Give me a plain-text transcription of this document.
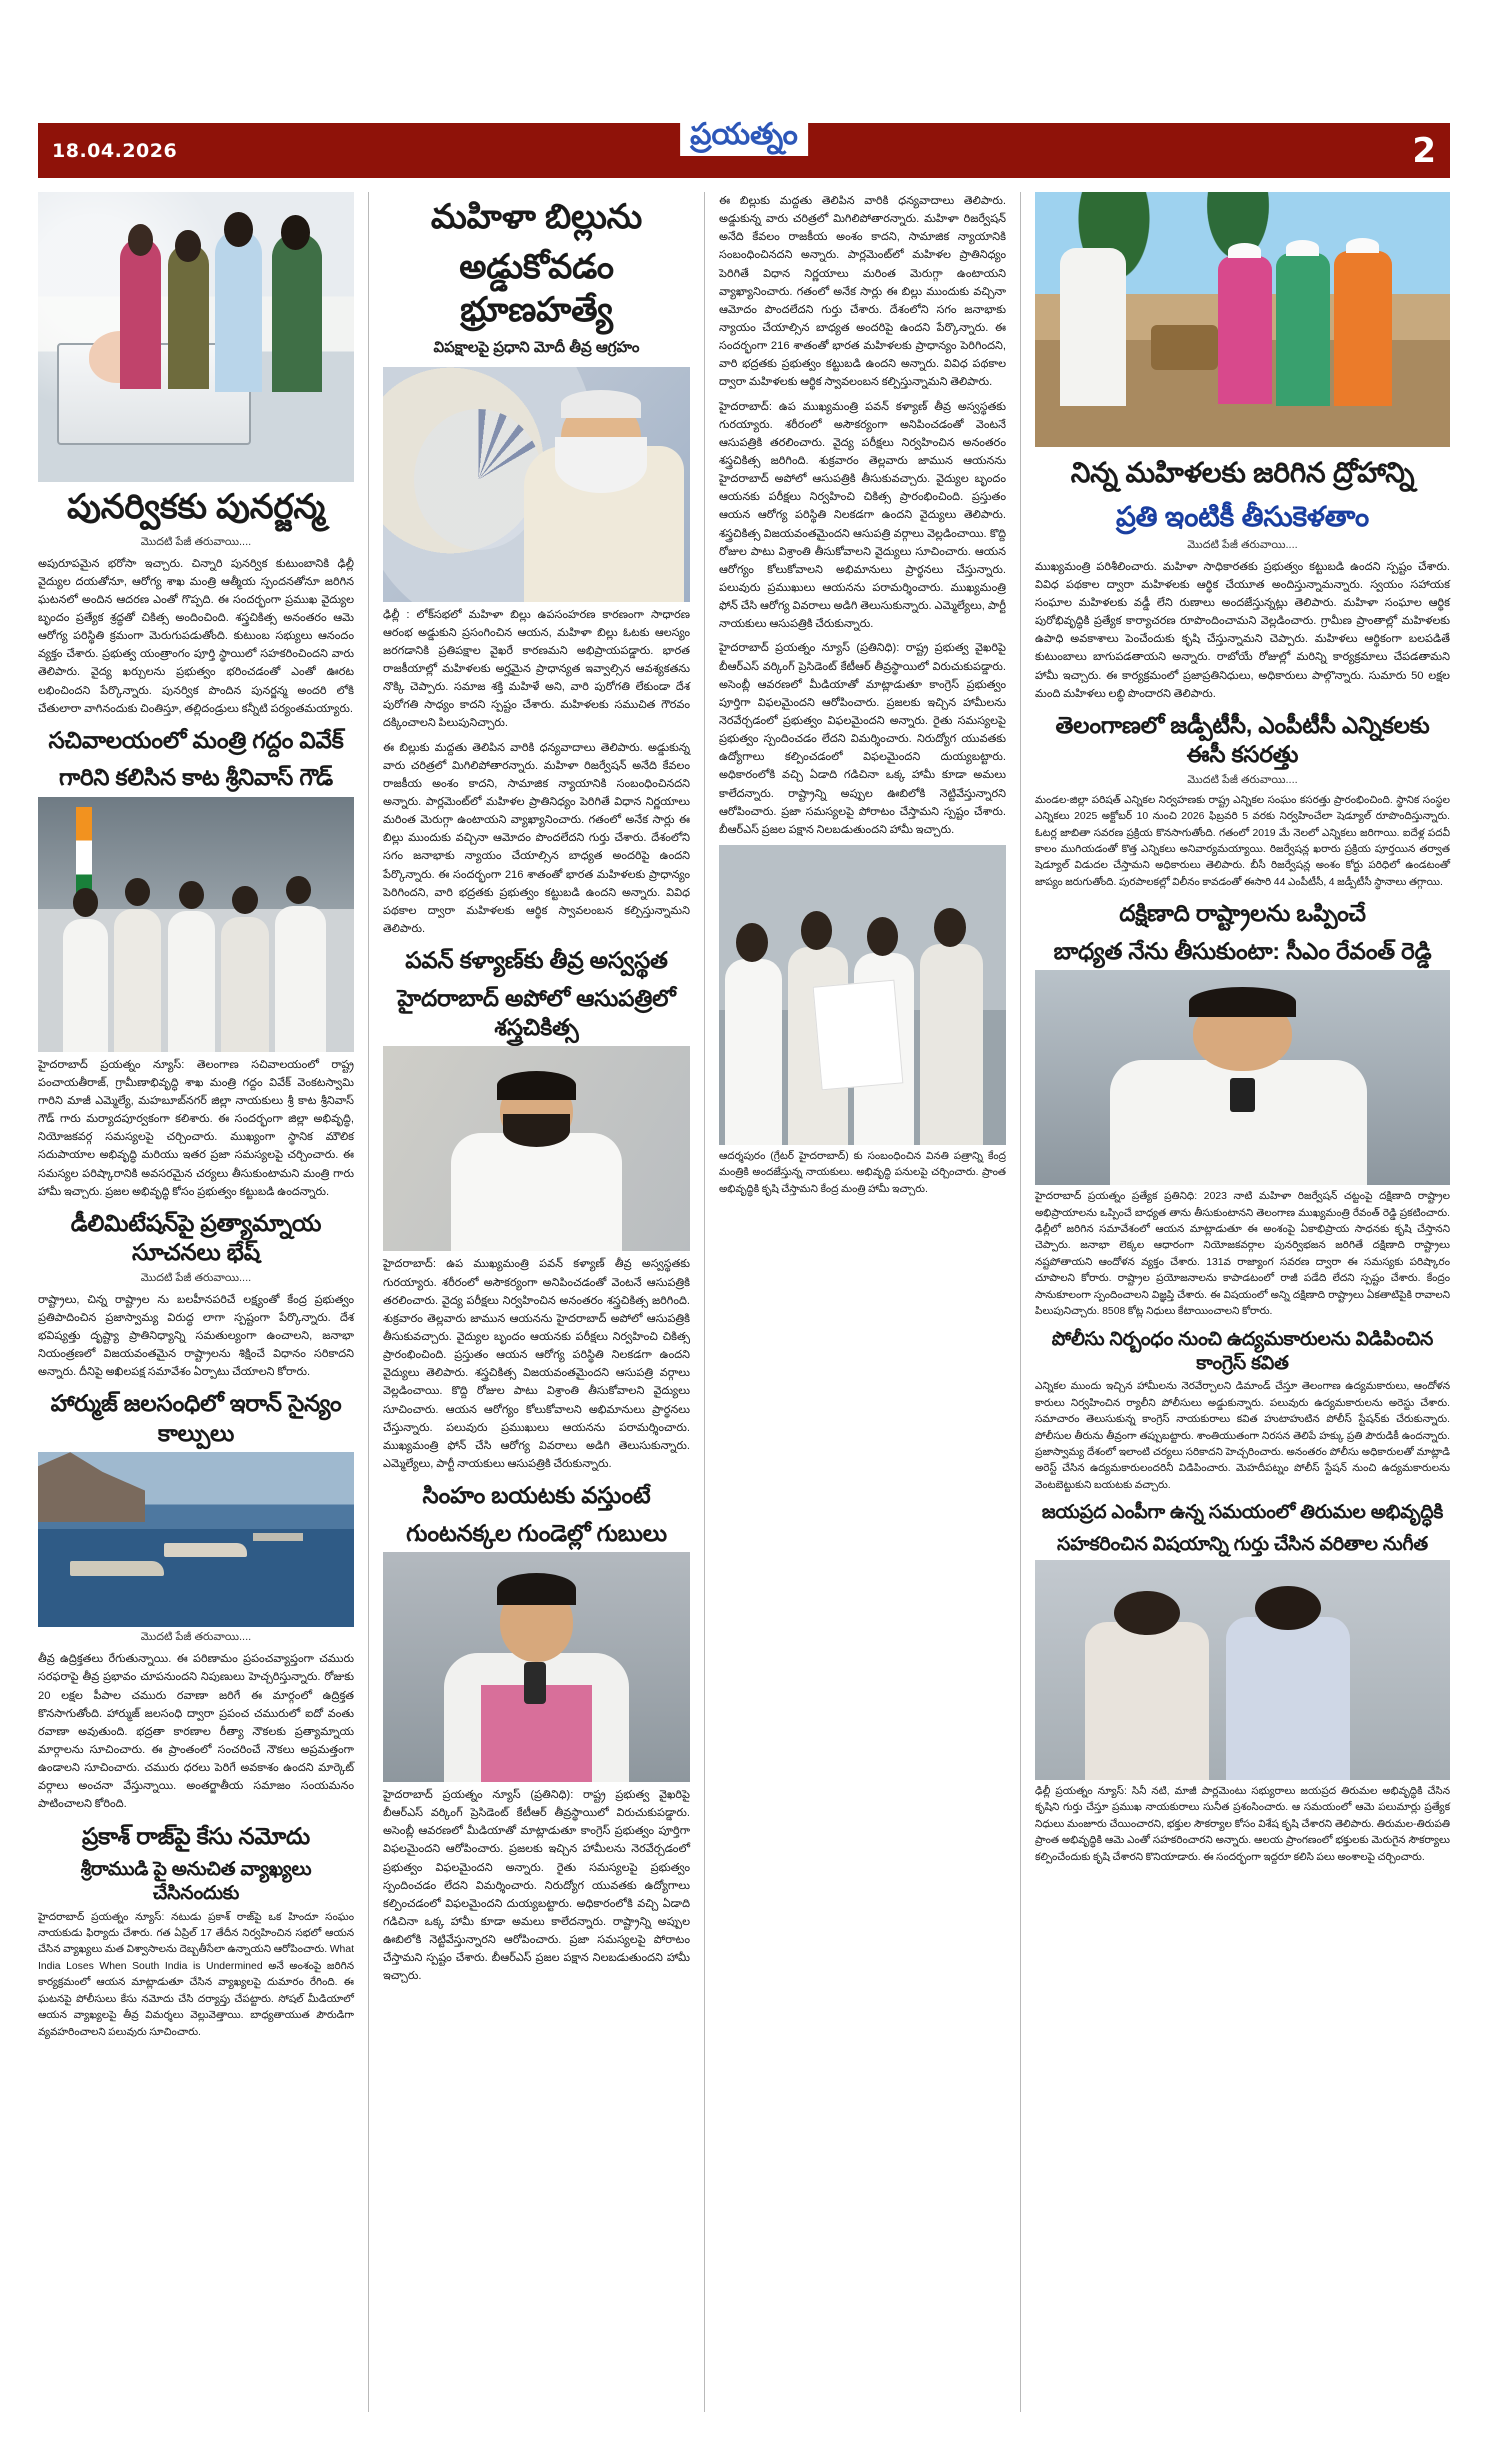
18.04.2026	2
ప్రయత్నం
పునర్విక‌కు పునర్జన్మ
మొదటి పేజీ తరువాయి....
అపురూపమైన భరోసా ఇచ్చారు. చిన్నారి పునర్విక కుటుంబానికి ఢిల్లీ వైద్యుల దయతోనూ, ఆరోగ్య శాఖ మంత్రి ఆత్మీయ స్పందనతోనూ జరిగిన ఘటనలో అందిన ఆదరణ ఎంతో గొప్పది. ఈ సందర్భంగా ప్రముఖ వైద్యుల బృందం ప్రత్యేక శ్రద్ధతో చికిత్స అందించింది. శస్త్రచికిత్స అనంతరం ఆమె ఆరోగ్య పరిస్థితి క్రమంగా మెరుగుపడుతోంది. కుటుంబ సభ్యులు ఆనందం వ్యక్తం చేశారు. ప్రభుత్వ యంత్రాంగం పూర్తి స్థాయిలో సహకరించిందని వారు తెలిపారు. వైద్య ఖర్చులను ప్రభుత్వం భరించడంతో ఎంతో ఊరట లభించిందని పేర్కొన్నారు. పునర్విక పొందిన పునర్జన్మ అందరి లోకి చేతులారా వాగినందుకు చింతిస్తూ, తల్లిదండ్రులు కన్నీటి పర్యంతమయ్యారు.
సచివాలయంలో మంత్రి గద్దం వివేక్
గారిని కలిసిన కాట శ్రీనివాస్ గౌడ్
హైదరాబాద్ ప్రయత్నం న్యూస్: తెలంగాణ సచివాలయంలో రాష్ట్ర పంచాయతీరాజ్, గ్రామీణాభివృద్ధి శాఖ మంత్రి గద్దం వివేక్ వెంకటస్వామి గారిని మాజీ ఎమ్మెల్యే, మహబూబ్‌నగర్ జిల్లా నాయకులు శ్రీ కాట శ్రీనివాస్ గౌడ్ గారు మర్యాదపూర్వకంగా కలిశారు. ఈ సందర్భంగా జిల్లా అభివృద్ధి, నియోజకవర్గ సమస్యలపై చర్చించారు. ముఖ్యంగా స్థానిక మౌలిక సదుపాయాల అభివృద్ధి మరియు ఇతర ప్రజా సమస్యలపై చర్చించారు. ఈ సమస్యల పరిష్కారానికి అవసరమైన చర్యలు తీసుకుంటామని మంత్రి గారు హామీ ఇచ్చారు. ప్రజల అభివృద్ధి కోసం ప్రభుత్వం కట్టుబడి ఉందన్నారు.
డీలిమిటేషన్‌పై ప్రత్యామ్నాయ సూచనలు భేష్
మొదటి పేజీ తరువాయి....
రాష్ట్రాలు, చిన్న రాష్ట్రాల ను బలహీనపరిచే లక్ష్యంతో కేంద్ర ప్రభుత్వం ప్రతిపాదించిన ప్రజాస్వామ్య విరుద్ధ లాగా స్పష్టంగా పేర్కొన్నారు. దేశ భవిష్యత్తు దృష్ట్యా ప్రాతినిధ్యాన్ని సమతుల్యంగా ఉంచాలని, జనాభా నియంత్రణలో విజయవంతమైన రాష్ట్రాలను శిక్షించే విధానం సరికాదని అన్నారు. దీనిపై అఖిలపక్ష సమావేశం ఏర్పాటు చేయాలని కోరారు.
హార్ముజ్ జలసంధిలో ఇరాన్ సైన్యం కాల్పులు
మొదటి పేజీ తరువాయి....
తీవ్ర ఉద్రిక్తతలు రేగుతున్నాయి. ఈ పరిణామం ప్రపంచవ్యాప్తంగా చమురు సరఫరాపై తీవ్ర ప్రభావం చూపనుందని నిపుణులు హెచ్చరిస్తున్నారు. రోజుకు 20 లక్షల పీపాల చమురు రవాణా జరిగే ఈ మార్గంలో ఉద్రిక్తత కొనసాగుతోంది. హార్ముజ్ జలసంధి ద్వారా ప్రపంచ చమురులో ఐదో వంతు రవాణా అవుతుంది. భద్రతా కారణాల రీత్యా నౌకలకు ప్రత్యామ్నాయ మార్గాలను సూచించారు. ఈ ప్రాంతంలో సంచరించే నౌకలు అప్రమత్తంగా ఉండాలని సూచించారు. చమురు ధరలు పెరిగే అవకాశం ఉందని మార్కెట్ వర్గాలు అంచనా వేస్తున్నాయి. అంతర్జాతీయ సమాజం సంయమనం పాటించాలని కోరింది.
ప్రకాశ్ రాజ్‌పై కేసు నమోదు
శ్రీరాముడి పై అనుచిత వ్యాఖ్యలు చేసినందుకు
హైదరాబాద్ ప్రయత్నం న్యూస్: నటుడు ప్రకాశ్ రాజ్‌పై ఒక హిందూ సంఘం నాయకుడు ఫిర్యాదు చేశారు. గత ఏప్రిల్ 17 తేదీన నిర్వహించిన సభలో ఆయన చేసిన వ్యాఖ్యలు మత విశ్వాసాలను దెబ్బతీసేలా ఉన్నాయని ఆరోపించారు. What India Loses When South India is Undermined అనే అంశంపై జరిగిన కార్యక్రమంలో ఆయన మాట్లాడుతూ చేసిన వ్యాఖ్యలపై దుమారం రేగింది. ఈ ఘటనపై పోలీసులు కేసు నమోదు చేసి దర్యాప్తు చేపట్టారు. సోషల్ మీడియాలో ఆయన వ్యాఖ్యలపై తీవ్ర విమర్శలు వెల్లువెత్తాయి. బాధ్యతాయుత పౌరుడిగా వ్యవహరించాలని పలువురు సూచించారు.
మహిళా బిల్లును
అడ్డుకోవడం భ్రూణహత్యే
విపక్షాలపై ప్రధాని మోదీ తీవ్ర ఆగ్రహం
ఢిల్లీ : లోక్‌సభలో మహిళా బిల్లు ఉపసంహరణ కారణంగా సాధారణ ఆరంభ అడ్డుకుని ప్రసంగించిన ఆయన, మహిళా బిల్లు ఓటకు ఆలస్యం జరగడానికి ప్రతిపక్షాల వైఖరే కారణమని అభిప్రాయపడ్డారు. భారత రాజకీయాల్లో మహిళలకు అర్హమైన ప్రాధాన్యత ఇవ్వాల్సిన ఆవశ్యకతను నొక్కి చెప్పారు. సమాజ శక్తి మహిళే అని, వారి పురోగతి లేకుండా దేశ పురోగతి సాధ్యం కాదని స్పష్టం చేశారు. మహిళలకు సముచిత గౌరవం దక్కించాలని పిలుపునిచ్చారు.
ఈ బిల్లుకు మద్దతు తెలిపిన వారికి ధన్యవాదాలు తెలిపారు. అడ్డుకున్న వారు చరిత్రలో మిగిలిపోతారన్నారు. మహిళా రిజర్వేషన్ అనేది కేవలం రాజకీయ అంశం కాదని, సామాజిక న్యాయానికి సంబంధించినదని అన్నారు. పార్లమెంట్‌లో మహిళల ప్రాతినిధ్యం పెరిగితే విధాన నిర్ణయాలు మరింత మెరుగ్గా ఉంటాయని వ్యాఖ్యానించారు. గతంలో అనేక సార్లు ఈ బిల్లు ముందుకు వచ్చినా ఆమోదం పొందలేదని గుర్తు చేశారు. దేశంలోని సగం జనాభాకు న్యాయం చేయాల్సిన బాధ్యత అందరిపై ఉందని పేర్కొన్నారు. ఈ సందర్భంగా 216 శాతంతో భారత మహిళలకు ప్రాధాన్యం పెరిగిందని, వారి భద్రతకు ప్రభుత్వం కట్టుబడి ఉందని అన్నారు. వివిధ పథకాల ద్వారా మహిళలకు ఆర్థిక స్వావలంబన కల్పిస్తున్నామని తెలిపారు.
పవన్ కళ్యాణ్‌కు తీవ్ర అస్వస్థత
హైదరాబాద్ అపోలో ఆసుపత్రిలో శస్త్రచికిత్స
హైదరాబాద్: ఉప ముఖ్యమంత్రి పవన్ కళ్యాణ్ తీవ్ర అస్వస్థతకు గురయ్యారు. శరీరంలో అసౌకర్యంగా అనిపించడంతో వెంటనే ఆసుపత్రికి తరలించారు. వైద్య పరీక్షలు నిర్వహించిన అనంతరం శస్త్రచికిత్స జరిగింది. శుక్రవారం తెల్లవారు జామున ఆయనను హైదరాబాద్ అపోలో ఆసుపత్రికి తీసుకువచ్చారు. వైద్యుల బృందం ఆయనకు పరీక్షలు నిర్వహించి చికిత్స ప్రారంభించింది. ప్రస్తుతం ఆయన ఆరోగ్య పరిస్థితి నిలకడగా ఉందని వైద్యులు తెలిపారు. శస్త్రచికిత్స విజయవంతమైందని ఆసుపత్రి వర్గాలు వెల్లడించాయి. కొద్ది రోజుల పాటు విశ్రాంతి తీసుకోవాలని వైద్యులు సూచించారు. ఆయన ఆరోగ్యం కోలుకోవాలని అభిమానులు ప్రార్థనలు చేస్తున్నారు. పలువురు ప్రముఖులు ఆయనను పరామర్శించారు. ముఖ్యమంత్రి ఫోన్ చేసి ఆరోగ్య వివరాలు అడిగి తెలుసుకున్నారు. ఎమ్మెల్యేలు, పార్టీ నాయకులు ఆసుపత్రికి చేరుకున్నారు.
సింహం బయటకు వస్తుంటే
గుంటనక్కల గుండెల్లో గుబులు
హైదరాబాద్ ప్రయత్నం న్యూస్ (ప్రతినిధి): రాష్ట్ర ప్రభుత్వ వైఖరిపై బీఆర్ఎస్ వర్కింగ్ ప్రెసిడెంట్ కేటీఆర్ తీవ్రస్థాయిలో విరుచుకుపడ్డారు. అసెంబ్లీ ఆవరణలో మీడియాతో మాట్లాడుతూ కాంగ్రెస్ ప్రభుత్వం పూర్తిగా విఫలమైందని ఆరోపించారు. ప్రజలకు ఇచ్చిన హామీలను నెరవేర్చడంలో ప్రభుత్వం విఫలమైందని అన్నారు. రైతు సమస్యలపై ప్రభుత్వం స్పందించడం లేదని విమర్శించారు. నిరుద్యోగ యువతకు ఉద్యోగాలు కల్పించడంలో విఫలమైందని దుయ్యబట్టారు. అధికారంలోకి వచ్చి ఏడాది గడిచినా ఒక్క హామీ కూడా అమలు కాలేదన్నారు. రాష్ట్రాన్ని అప్పుల ఊబిలోకి నెట్టివేస్తున్నారని ఆరోపించారు. ప్రజా సమస్యలపై పోరాటం చేస్తామని స్పష్టం చేశారు. బీఆర్ఎస్ ప్రజల పక్షాన నిలబడుతుందని హామీ ఇచ్చారు.
ఈ బిల్లుకు మద్దతు తెలిపిన వారికి ధన్యవాదాలు తెలిపారు. అడ్డుకున్న వారు చరిత్రలో మిగిలిపోతారన్నారు. మహిళా రిజర్వేషన్ అనేది కేవలం రాజకీయ అంశం కాదని, సామాజిక న్యాయానికి సంబంధించినదని అన్నారు. పార్లమెంట్‌లో మహిళల ప్రాతినిధ్యం పెరిగితే విధాన నిర్ణయాలు మరింత మెరుగ్గా ఉంటాయని వ్యాఖ్యానించారు. గతంలో అనేక సార్లు ఈ బిల్లు ముందుకు వచ్చినా ఆమోదం పొందలేదని గుర్తు చేశారు. దేశంలోని సగం జనాభాకు న్యాయం చేయాల్సిన బాధ్యత అందరిపై ఉందని పేర్కొన్నారు. ఈ సందర్భంగా 216 శాతంతో భారత మహిళలకు ప్రాధాన్యం పెరిగిందని, వారి భద్రతకు ప్రభుత్వం కట్టుబడి ఉందని అన్నారు. వివిధ పథకాల ద్వారా మహిళలకు ఆర్థిక స్వావలంబన కల్పిస్తున్నామని తెలిపారు.
హైదరాబాద్: ఉప ముఖ్యమంత్రి పవన్ కళ్యాణ్ తీవ్ర అస్వస్థతకు గురయ్యారు. శరీరంలో అసౌకర్యంగా అనిపించడంతో వెంటనే ఆసుపత్రికి తరలించారు. వైద్య పరీక్షలు నిర్వహించిన అనంతరం శస్త్రచికిత్స జరిగింది. శుక్రవారం తెల్లవారు జామున ఆయనను హైదరాబాద్ అపోలో ఆసుపత్రికి తీసుకువచ్చారు. వైద్యుల బృందం ఆయనకు పరీక్షలు నిర్వహించి చికిత్స ప్రారంభించింది. ప్రస్తుతం ఆయన ఆరోగ్య పరిస్థితి నిలకడగా ఉందని వైద్యులు తెలిపారు. శస్త్రచికిత్స విజయవంతమైందని ఆసుపత్రి వర్గాలు వెల్లడించాయి. కొద్ది రోజుల పాటు విశ్రాంతి తీసుకోవాలని వైద్యులు సూచించారు. ఆయన ఆరోగ్యం కోలుకోవాలని అభిమానులు ప్రార్థనలు చేస్తున్నారు. పలువురు ప్రముఖులు ఆయనను పరామర్శించారు. ముఖ్యమంత్రి ఫోన్ చేసి ఆరోగ్య వివరాలు అడిగి తెలుసుకున్నారు. ఎమ్మెల్యేలు, పార్టీ నాయకులు ఆసుపత్రికి చేరుకున్నారు.
హైదరాబాద్ ప్రయత్నం న్యూస్ (ప్రతినిధి): రాష్ట్ర ప్రభుత్వ వైఖరిపై బీఆర్ఎస్ వర్కింగ్ ప్రెసిడెంట్ కేటీఆర్ తీవ్రస్థాయిలో విరుచుకుపడ్డారు. అసెంబ్లీ ఆవరణలో మీడియాతో మాట్లాడుతూ కాంగ్రెస్ ప్రభుత్వం పూర్తిగా విఫలమైందని ఆరోపించారు. ప్రజలకు ఇచ్చిన హామీలను నెరవేర్చడంలో ప్రభుత్వం విఫలమైందని అన్నారు. రైతు సమస్యలపై ప్రభుత్వం స్పందించడం లేదని విమర్శించారు. నిరుద్యోగ యువతకు ఉద్యోగాలు కల్పించడంలో విఫలమైందని దుయ్యబట్టారు. అధికారంలోకి వచ్చి ఏడాది గడిచినా ఒక్క హామీ కూడా అమలు కాలేదన్నారు. రాష్ట్రాన్ని అప్పుల ఊబిలోకి నెట్టివేస్తున్నారని ఆరోపించారు. ప్రజా సమస్యలపై పోరాటం చేస్తామని స్పష్టం చేశారు. బీఆర్ఎస్ ప్రజల పక్షాన నిలబడుతుందని హామీ ఇచ్చారు.
ఆదర్శపురం (గ్రేటర్ హైదరాబాద్) కు సంబంధించిన వినతి పత్రాన్ని కేంద్ర మంత్రికి అందజేస్తున్న నాయకులు. అభివృద్ధి పనులపై చర్చించారు. ప్రాంత అభివృద్ధికి కృషి చేస్తామని కేంద్ర మంత్రి హామీ ఇచ్చారు.
నిన్న మహిళలకు జరిగిన ద్రోహాన్ని
ప్రతి ఇంటికీ తీసుకెళతాం
మొదటి పేజీ తరువాయి....
ముఖ్యమంత్రి పరిశీలించారు. మహిళా సాధికారతకు ప్రభుత్వం కట్టుబడి ఉందని స్పష్టం చేశారు. వివిధ పథకాల ద్వారా మహిళలకు ఆర్థిక చేయూత అందిస్తున్నామన్నారు. స్వయం సహాయక సంఘాల మహిళలకు వడ్డీ లేని రుణాలు అందజేస్తున్నట్లు తెలిపారు. మహిళా సంఘాల ఆర్థిక పురోభివృద్ధికి ప్రత్యేక కార్యాచరణ రూపొందించామని వెల్లడించారు. గ్రామీణ ప్రాంతాల్లో మహిళలకు ఉపాధి అవకాశాలు పెంచేందుకు కృషి చేస్తున్నామని చెప్పారు. మహిళలు ఆర్థికంగా బలపడితే కుటుంబాలు బాగుపడతాయని అన్నారు. రాబోయే రోజుల్లో మరిన్ని కార్యక్రమాలు చేపడతామని హామీ ఇచ్చారు. ఈ కార్యక్రమంలో ప్రజాప్రతినిధులు, అధికారులు పాల్గొన్నారు. సుమారు 50 లక్షల మంది మహిళలు లబ్ధి పొందారని తెలిపారు.
తెలంగాణలో జడ్పీటీసీ, ఎంపీటీసీ ఎన్నికలకు ఈసీ కసరత్తు
మొదటి పేజీ తరువాయి....
మండల-జిల్లా పరిషత్ ఎన్నికల నిర్వహణకు రాష్ట్ర ఎన్నికల సంఘం కసరత్తు ప్రారంభించింది. స్థానిక సంస్థల ఎన్నికలు 2025 అక్టోబర్ 10 నుంచి 2026 ఫిబ్రవరి 5 వరకు నిర్వహించేలా షెడ్యూల్ రూపొందిస్తున్నారు. ఓటర్ల జాబితా సవరణ ప్రక్రియ కొనసాగుతోంది. గతంలో 2019 మే నెలలో ఎన్నికలు జరిగాయి. ఐదేళ్ల పదవీ కాలం ముగియడంతో కొత్త ఎన్నికలు అనివార్యమయ్యాయి. రిజర్వేషన్ల ఖరారు ప్రక్రియ పూర్తయిన తర్వాత షెడ్యూల్ విడుదల చేస్తామని అధికారులు తెలిపారు. బీసీ రిజర్వేషన్ల అంశం కోర్టు పరిధిలో ఉండటంతో జాప్యం జరుగుతోంది. పురపాలకల్లో విలీనం కావడంతో ఈసారి 44 ఎంపీటీసీ, 4 జడ్పీటీసీ స్థానాలు తగ్గాయి.
దక్షిణాది రాష్ట్రాలను ఒప్పించే
బాధ్యత నేను తీసుకుంటా: సీఎం రేవంత్ రెడ్డి
హైదరాబాద్ ప్రయత్నం ప్రత్యేక ప్రతినిధి: 2023 నాటి మహిళా రిజర్వేషన్ చట్టంపై దక్షిణాది రాష్ట్రాల అభిప్రాయాలను ఒప్పించే బాధ్యత తాను తీసుకుంటానని తెలంగాణ ముఖ్యమంత్రి రేవంత్ రెడ్డి ప్రకటించారు. ఢిల్లీలో జరిగిన సమావేశంలో ఆయన మాట్లాడుతూ ఈ అంశంపై ఏకాభిప్రాయ సాధనకు కృషి చేస్తానని చెప్పారు. జనాభా లెక్కల ఆధారంగా నియోజకవర్గాల పునర్విభజన జరిగితే దక్షిణాది రాష్ట్రాలు నష్టపోతాయని ఆందోళన వ్యక్తం చేశారు. 131వ రాజ్యాంగ సవరణ ద్వారా ఈ సమస్యకు పరిష్కారం చూపాలని కోరారు. రాష్ట్రాల ప్రయోజనాలను కాపాడటంలో రాజీ పడేది లేదని స్పష్టం చేశారు. కేంద్రం సానుకూలంగా స్పందించాలని విజ్ఞప్తి చేశారు. ఈ విషయంలో అన్ని దక్షిణాది రాష్ట్రాలు ఏకతాటిపైకి రావాలని పిలుపునిచ్చారు. 8508 కోట్ల నిధులు కేటాయించాలని కోరారు.
పోలీసు నిర్బంధం నుంచి ఉద్యమకారులను విడిపించిన కాంగ్రెస్ కవిత
ఎన్నికల ముందు ఇచ్చిన హామీలను నెరవేర్చాలని డిమాండ్ చేస్తూ తెలంగాణ ఉద్యమకారులు, ఆందోళన కారులు నిర్వహించిన ర్యాలీని పోలీసులు అడ్డుకున్నారు. పలువురు ఉద్యమకారులను అరెస్టు చేశారు. సమాచారం తెలుసుకున్న కాంగ్రెస్ నాయకురాలు కవిత హుటాహుటిన పోలీస్ స్టేషన్‌కు చేరుకున్నారు. పోలీసుల తీరును తీవ్రంగా తప్పుబట్టారు. శాంతియుతంగా నిరసన తెలిపే హక్కు ప్రతి పౌరుడికీ ఉందన్నారు. ప్రజాస్వామ్య దేశంలో ఇలాంటి చర్యలు సరికాదని హెచ్చరించారు. అనంతరం పోలీసు అధికారులతో మాట్లాడి అరెస్ట్ చేసిన ఉద్యమకారులందరినీ విడిపించారు. మెహదీపట్నం పోలీస్ స్టేషన్ నుంచి ఉద్యమకారులను వెంటబెట్టుకుని బయటకు వచ్చారు.
జయప్రద ఎంపీగా ఉన్న సమయంలో తిరుమల అభివృద్ధికి
సహకరించిన విషయాన్ని గుర్తు చేసిన వరితాల నుగీత
ఢిల్లీ ప్రయత్నం న్యూస్: సినీ నటి, మాజీ పార్లమెంటు సభ్యురాలు జయప్రద తిరుమల అభివృద్ధికి చేసిన కృషిని గుర్తు చేస్తూ ప్రముఖ నాయకురాలు సునీత ప్రశంసించారు. ఆ సమయంలో ఆమె పలుమార్లు ప్రత్యేక నిధులు మంజూరు చేయించారని, భక్తుల సౌకర్యాల కోసం విశేష కృషి చేశారని తెలిపారు. తిరుమల-తిరుపతి ప్రాంత అభివృద్ధికి ఆమె ఎంతో సహకరించారని అన్నారు. ఆలయ ప్రాంగణంలో భక్తులకు మెరుగైన సౌకర్యాలు కల్పించేందుకు కృషి చేశారని కొనియాడారు. ఈ సందర్భంగా ఇద్దరూ కలిసి పలు అంశాలపై చర్చించారు.
